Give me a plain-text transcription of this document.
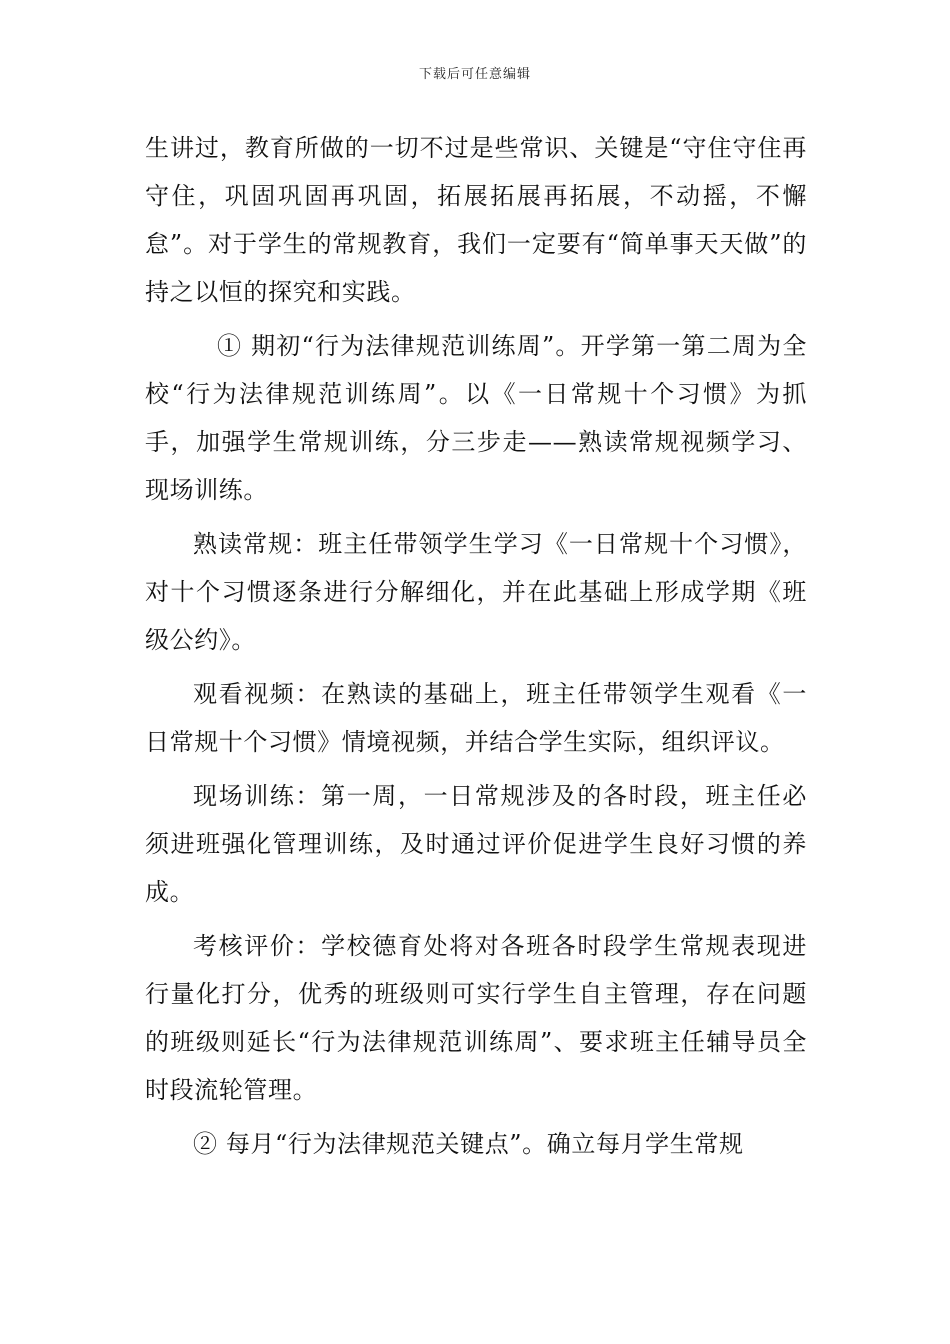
下载后可任意编辑

生讲过，教育所做的一切不过是些常识、关键是“守住守住再守住，巩固巩固再巩固，拓展拓展再拓展，不动摇，不懈怠”。对于学生的常规教育，我们一定要有“简单事天天做”的持之以恒的探究和实践。

① 期初“行为法律规范训练周”。开学第一第二周为全校“行为法律规范训练周”。以《一日常规十个习惯》为抓手，加强学生常规训练，分三步走——熟读常规视频学习、现场训练。

熟读常规：班主任带领学生学习《一日常规十个习惯》，对十个习惯逐条进行分解细化，并在此基础上形成学期《班级公约》。

观看视频：在熟读的基础上，班主任带领学生观看《一日常规十个习惯》情境视频，并结合学生实际，组织评议。

现场训练：第一周，一日常规涉及的各时段，班主任必须进班强化管理训练，及时通过评价促进学生良好习惯的养成。

考核评价：学校德育处将对各班各时段学生常规表现进行量化打分，优秀的班级则可实行学生自主管理，存在问题的班级则延长“行为法律规范训练周”、要求班主任辅导员全时段流轮管理。

② 每月“行为法律规范关键点”。确立每月学生常规
